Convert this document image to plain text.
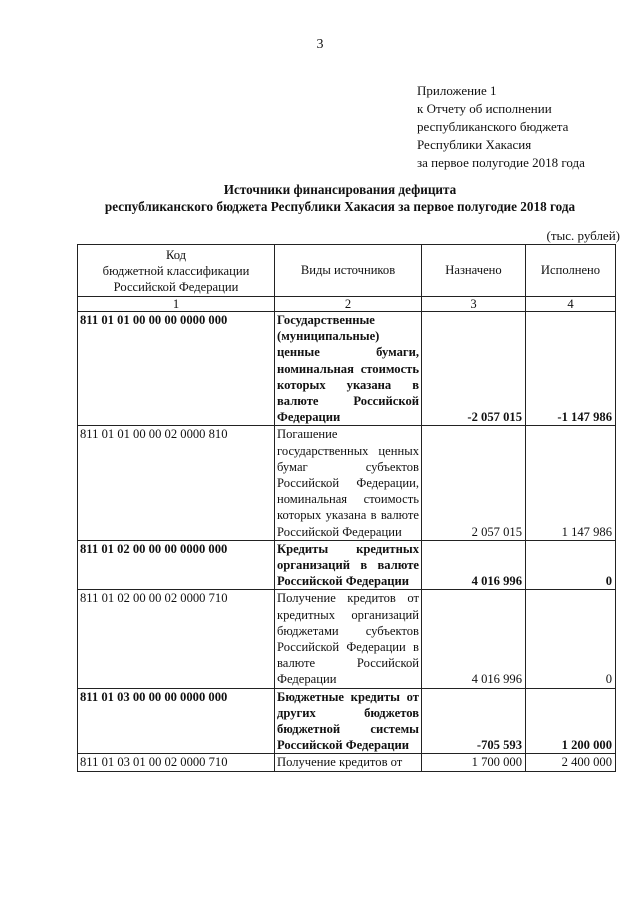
3
Приложение 1
к Отчету об исполнении
республиканского бюджета
Республики Хакасия
за первое полугодие 2018 года
Источники финансирования дефицита
республиканского бюджета Республики Хакасия за первое полугодие 2018 года
(тыс. рублей)
Код
бюджетной классификации
Российской Федерации	Виды источников	Назначено	Исполнено
1	2	3	4
811 01 01 00 00 00 0000 000	Государственные (муниципальные) ценные бумаги, номинальная стоимость которых указана в валюте Российской Федерации	-2 057 015	-1 147 986
811 01 01 00 00 02 0000 810	Погашение государственных ценных бумаг субъектов Российской Федерации, номинальная стоимость которых указана в валюте Российской Федерации	2 057 015	1 147 986
811 01 02 00 00 00 0000 000	Кредиты кредитных организаций в валюте Российской Федерации	4 016 996	0
811 01 02 00 00 02 0000 710	Получение кредитов от кредитных организаций бюджетами субъектов Российской Федерации в валюте Российской Федерации	4 016 996	0
811 01 03 00 00 00 0000 000	Бюджетные кредиты от других бюджетов бюджетной системы Российской Федерации	-705 593	1 200 000
811 01 03 01 00 02 0000 710	Получение кредитов от	1 700 000	2 400 000
